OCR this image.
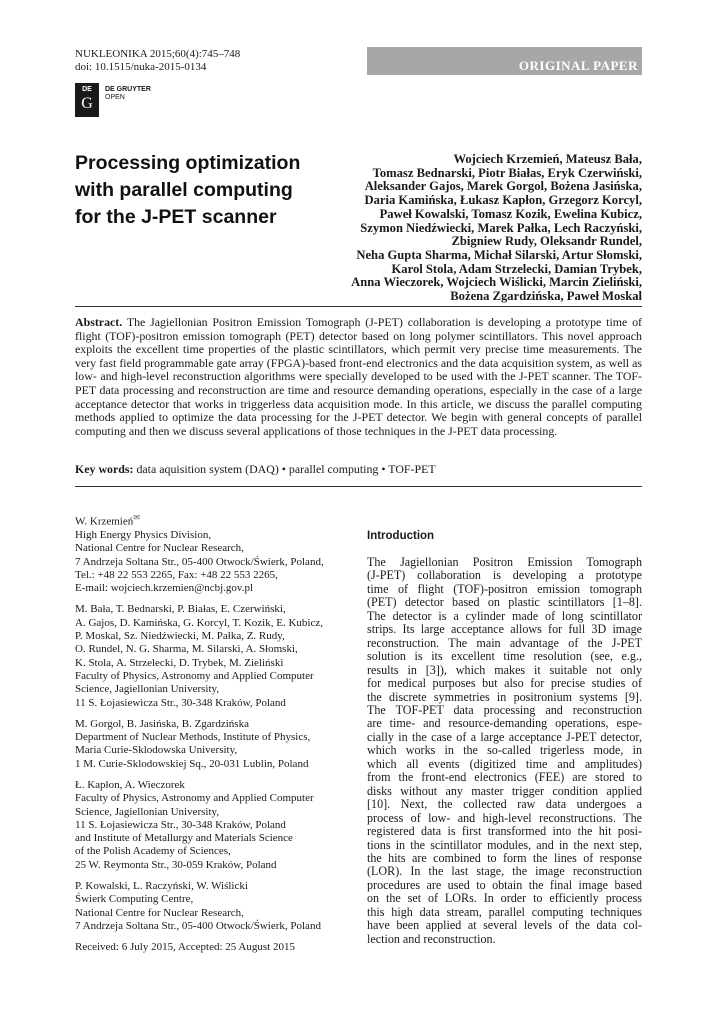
NUKLEONIKA 2015;60(4):745–748
doi: 10.1515/nuka-2015-0134	ORIGINAL PAPER
DE
G
DE GRUYTER
OPEN
Processing optimization
with parallel computing
for the J-PET scanner
Wojciech Krzemień, Mateusz Bała,
Tomasz Bednarski, Piotr Białas, Eryk Czerwiński,
Aleksander Gajos, Marek Gorgol, Bożena Jasińska,
Daria Kamińska, Łukasz Kapłon, Grzegorz Korcyl,
Paweł Kowalski, Tomasz Kozik, Ewelina Kubicz,
Szymon Niedźwiecki, Marek Pałka, Lech Raczyński,
Zbigniew Rudy, Oleksandr Rundel,
Neha Gupta Sharma, Michał Silarski, Artur Słomski,
Karol Stola, Adam Strzelecki, Damian Trybek,
Anna Wieczorek, Wojciech Wiślicki, Marcin Zieliński,
Bożena Zgardzińska, Paweł Moskal
Abstract. The Jagiellonian Positron Emission Tomograph (J-PET) collaboration is developing a prototype time of flight (TOF)-positron emission tomograph (PET) detector based on long polymer scintillators. This novel approach exploits the excellent time properties of the plastic scintillators, which permit very precise time measurements. The very fast field programmable gate array (FPGA)-based front-end electronics and the data acquisition system, as well as low- and high-level reconstruction algorithms were specially developed to be used with the J-PET scanner. The TOF-PET data processing and reconstruction are time and resource demanding operations, especially in the case of a large acceptance detector that works in triggerless data acquisition mode. In this article, we discuss the parallel computing methods applied to optimize the data processing for the J-PET detector. We begin with general concepts of parallel computing and then we discuss several applications of those techniques in the J-PET data processing.
Key words: data aquisition system (DAQ) • parallel computing • TOF-PET
W. Krzemień✉
High Energy Physics Division,
National Centre for Nuclear Research,
7 Andrzeja Soltana Str., 05-400 Otwock/Świerk, Poland,
Tel.: +48 22 553 2265, Fax: +48 22 553 2265,
E-mail: wojciech.krzemien@ncbj.gov.pl
M. Bała, T. Bednarski, P. Białas, E. Czerwiński,
A. Gajos, D. Kamińska, G. Korcyl, T. Kozik, E. Kubicz,
P. Moskal, Sz. Niedźwiecki, M. Pałka, Z. Rudy,
O. Rundel, N. G. Sharma, M. Silarski, A. Słomski,
K. Stola, A. Strzelecki, D. Trybek, M. Zieliński
Faculty of Physics, Astronomy and Applied Computer
Science, Jagiellonian University,
11 S. Łojasiewicza Str., 30-348 Kraków, Poland
M. Gorgol, B. Jasińska, B. Zgardzińska
Department of Nuclear Methods, Institute of Physics,
Maria Curie-Sklodowska University,
1 M. Curie-Sklodowskiej Sq., 20-031 Lublin, Poland
Ł. Kapłon, A. Wieczorek
Faculty of Physics, Astronomy and Applied Computer
Science, Jagiellonian University,
11 S. Łojasiewicza Str., 30-348 Kraków, Poland
and Institute of Metallurgy and Materials Science
of the Polish Academy of Sciences,
25 W. Reymonta Str., 30-059 Kraków, Poland
P. Kowalski, L. Raczyński, W. Wiślicki
Świerk Computing Centre,
National Centre for Nuclear Research,
7 Andrzeja Soltana Str., 05-400 Otwock/Świerk, Poland
Received: 6 July 2015, Accepted: 25 August 2015
Introduction
The Jagiellonian Positron Emission Tomograph
(J-PET) collaboration is developing a prototype
time of flight (TOF)-positron emission tomograph
(PET) detector based on plastic scintillators [1–8].
The detector is a cylinder made of long scintillator
strips. Its large acceptance allows for full 3D image
reconstruction. The main advantage of the J-PET
solution is its excellent time resolution (see, e.g.,
results in [3]), which makes it suitable not only
for medical purposes but also for precise studies of
the discrete symmetries in positronium systems [9].
The TOF-PET data processing and reconstruction
are time- and resource-demanding operations, espe-
cially in the case of a large acceptance J-PET detector,
which works in the so-called trigerless mode, in
which all events (digitized time and amplitudes)
from the front-end electronics (FEE) are stored to
disks without any master trigger condition applied
[10]. Next, the collected raw data undergoes a
process of low- and high-level reconstructions. The
registered data is first transformed into the hit posi-
tions in the scintillator modules, and in the next step,
the hits are combined to form the lines of response
(LOR). In the last stage, the image reconstruction
procedures are used to obtain the final image based
on the set of LORs. In order to efficiently process
this high data stream, parallel computing techniques
have been applied at several levels of the data col-
lection and reconstruction.
